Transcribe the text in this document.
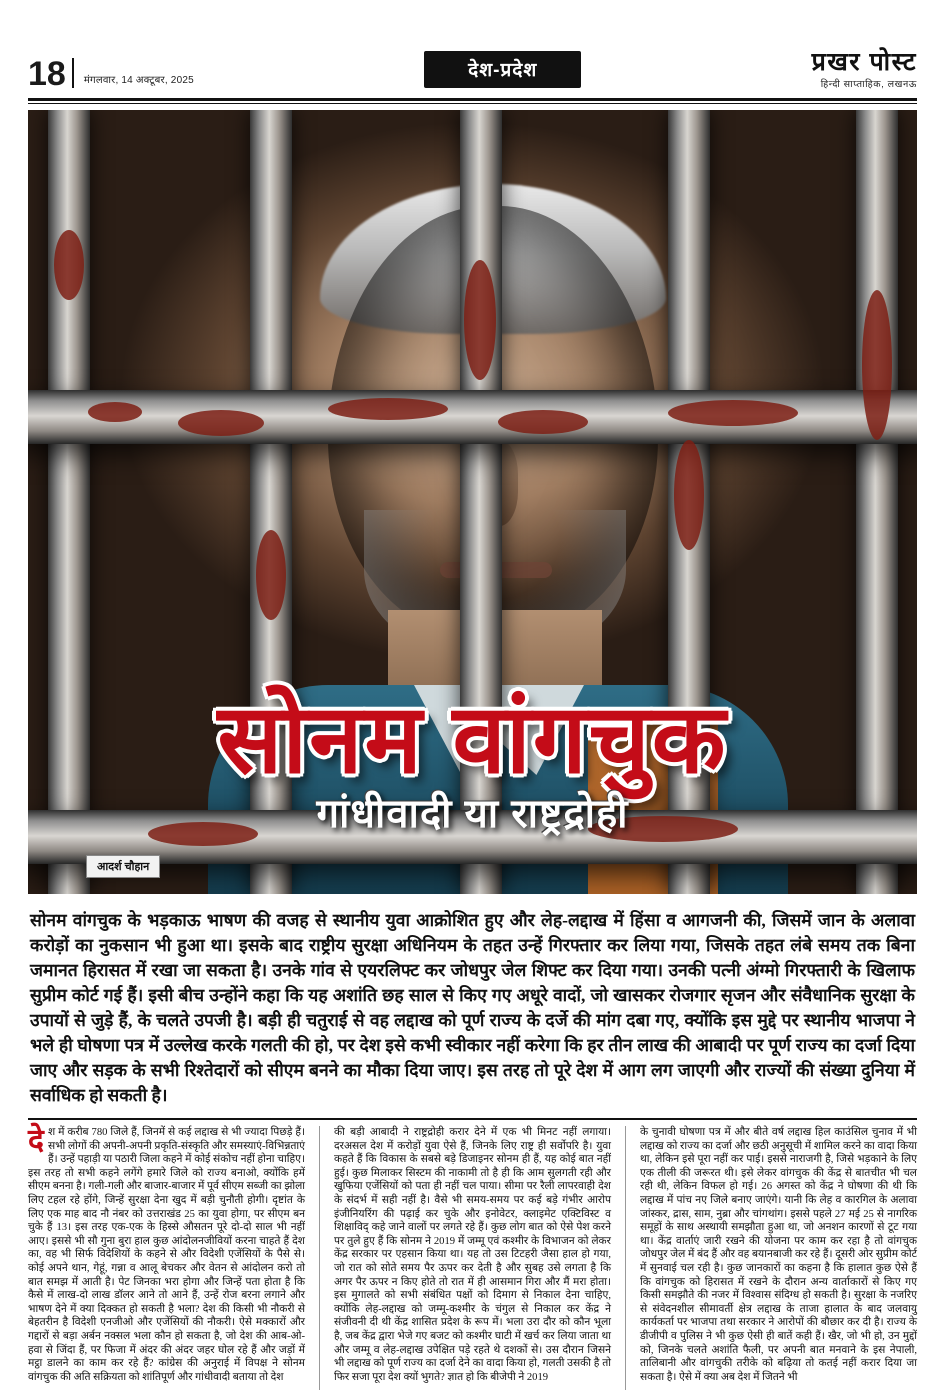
18 मंगलवार, 14 अक्टूबर, 2025	देश-प्रदेश	प्रखर पोस्ट
हिन्दी साप्ताहिक, लखनऊ
सोनम वांगचुक
गांधीवादी या राष्ट्रद्रोही
आदर्श चौहान
सोनम वांगचुक के भड़काऊ भाषण की वजह से स्थानीय युवा आक्रोशित हुए और लेह-लद्दाख में हिंसा व आगजनी की, जिसमें जान के अलावा करोड़ों का नुकसान भी हुआ था। इसके बाद राष्ट्रीय सुरक्षा अधिनियम के तहत उन्हें गिरफ्तार कर लिया गया, जिसके तहत लंबे समय तक बिना जमानत हिरासत में रखा जा सकता है। उनके गांव से एयरलिफ्ट कर जोधपुर जेल शिफ्ट कर दिया गया। उनकी पत्नी अंग्मो गिरफ्तारी के खिलाफ सुप्रीम कोर्ट गई हैं। इसी बीच उन्होंने कहा कि यह अशांति छह साल से किए गए अधूरे वादों, जो खासकर रोजगार सृजन और संवैधानिक सुरक्षा के उपायों से जुड़े हैं, के चलते उपजी है। बड़ी ही चतुराई से वह लद्दाख को पूर्ण राज्य के दर्जे की मांग दबा गए, क्योंकि इस मुद्दे पर स्थानीय भाजपा ने भले ही घोषणा पत्र में उल्लेख करके गलती की हो, पर देश इसे कभी स्वीकार नहीं करेगा कि हर तीन लाख की आबादी पर पूर्ण राज्य का दर्जा दिया जाए और सड़क के सभी रिश्तेदारों को सीएम बनने का मौका दिया जाए। इस तरह तो पूरे देश में आग लग जाएगी और राज्यों की संख्या दुनिया में सर्वाधिक हो सकती है।

देश में करीब 780 जिले हैं, जिनमें से कई लद्दाख से भी ज्यादा पिछड़े हैं। सभी लोगों की अपनी-अपनी प्रकृति-संस्कृति और समस्याएं-विभिन्नताएं हैं। उन्हें पहाड़ी या पठारी जिला कहने में कोई संकोच नहीं होना चाहिए। इस तरह तो सभी कहने लगेंगे हमारे जिले को राज्य बनाओ, क्योंकि हमें सीएम बनना है। गली-गली और बाजार-बाजार में पूर्व सीएम सब्जी का झोला लिए टहल रहे होंगे, जिन्हें सुरक्षा देना खुद में बड़ी चुनौती होगी। दृष्टांत के लिए एक माह बाद नौ नंबर को उत्तराखंड 25 का युवा होगा, पर सीएम बन चुके हैं 13। इस तरह एक-एक के हिस्से औसतन पूरे दो-दो साल भी नहीं आए। इससे भी सौ गुना बुरा हाल कुछ आंदोलनजीवियों करना चाहते हैं देश का, वह भी सिर्फ विदेशियों के कहने से और विदेशी एजेंसियों के पैसे से। कोई अपने थान, गेहूं, गन्ना व आलू बेचकर और वेतन से आंदोलन करो तो बात समझ में आती है। पेट जिनका भरा होगा और जिन्हें पता होता है कि कैसे में लाख-दो लाख डॉलर आने तो आने हैं, उन्हें रोज बरना लगाने और भाषण देने में क्या दिक्कत हो सकती है भला? देश की किसी भी नौकरी से बेहतरीन है विदेशी एनजीओ और एजेंसियों की नौकरी। ऐसे मक्कारों और गद्दारों से बड़ा अर्बन नक्सल भला कौन हो सकता है, जो देश की आब-ओ-हवा से जिंदा हैं, पर फिजा में अंदर की अंदर जहर घोल रहे हैं और जड़ों में मट्ठा डालने का काम कर रहे हैं? कांग्रेस की अनुराई में विपक्ष ने सोनम वांगचुक की अति सक्रियता को शांतिपूर्ण और गांधीवादी बताया तो देश

की बड़ी आबादी ने राष्ट्रद्रोही करार देने में एक भी मिनट नहीं लगाया। दरअसल देश में करोड़ों युवा ऐसे हैं, जिनके लिए राष्ट्र ही सर्वोपरि है। युवा कहते हैं कि विकास के सबसे बड़े डिजाइनर सोनम ही हैं, यह कोई बात नहीं हुई। कुछ मिलाकर सिस्टम की नाकामी तो है ही कि आम सुलगती रही और खुफिया एजेंसियों को पता ही नहीं चल पाया। सीमा पर रैली लापरवाही देश के संदर्भ में सही नहीं है। वैसे भी समय-समय पर कई बड़े गंभीर आरोप इंजीनियरिंग की पढ़ाई कर चुके और इनोवेटर, क्लाइमेट एक्टिविस्ट व शिक्षाविद् कहे जाने वालों पर लगते रहे हैं। कुछ लोग बात को ऐसे पेश करने पर तुले हुए हैं कि सोनम ने 2019 में जम्मू एवं कश्मीर के विभाजन को लेकर केंद्र सरकार पर एहसान किया था। यह तो उस टिटहरी जैसा हाल हो गया, जो रात को सोते समय पैर ऊपर कर देती है और सुबह उसे लगता है कि अगर पैर ऊपर न किए होते तो रात में ही आसमान गिरा और मैं मरा होता। इस मुगालते को सभी संबंधित पक्षों को दिमाग से निकाल देना चाहिए, क्योंकि लेह-लद्दाख को जम्मू-कश्मीर के चंगुल से निकाल कर केंद्र ने संजीवनी दी थी केंद्र शासित प्रदेश के रूप में। भला उरा दौर को कौन भूला है, जब केंद्र द्वारा भेजे गए बजट को कश्मीर घाटी में खर्च कर लिया जाता था और जम्मू व लेह-लद्दाख उपेक्षित पड़े रहते थे दशकों से। उस दौरान जिसने भी लद्दाख को पूर्ण राज्य का दर्जा देने का वादा किया हो, गलती उसकी है तो फिर सजा पूरा देश क्यों भुगते? ज्ञात हो कि बीजेपी ने 2019

के चुनावी घोषणा पत्र में और बीते वर्ष लद्दाख हिल काउंसिल चुनाव में भी लद्दाख को राज्य का दर्जा और छठी अनुसूची में शामिल करने का वादा किया था, लेकिन इसे पूरा नहीं कर पाई। इससे नाराजगी है, जिसे भड़काने के लिए एक तीली की जरूरत थी। इसे लेकर वांगचुक की केंद्र से बातचीत भी चल रही थी, लेकिन विफल हो गई। 26 अगस्त को केंद्र ने घोषणा की थी कि लद्दाख में पांच नए जिले बनाए जाएंगे। यानी कि लेह व कारगिल के अलावा जांस्कर, द्रास, साम, नुब्रा और चांगथांग। इससे पहले 27 मई 25 से नागरिक समूहों के साथ अस्थायी समझौता हुआ था, जो अनशन कारणों से टूट गया था। केंद्र वार्ताएं जारी रखने की योजना पर काम कर रहा है तो वांगचुक जोधपुर जेल में बंद हैं और वह बयानबाजी कर रहे हैं। दूसरी ओर सुप्रीम कोर्ट में सुनवाई चल रही है। कुछ जानकारों का कहना है कि हालात कुछ ऐसे हैं कि वांगचुक को हिरासत में रखने के दौरान अन्य वार्ताकारों से किए गए किसी समझौते की नजर में विश्वास संदिग्ध हो सकती है। सुरक्षा के नजरिए से संवेदनशील सीमावर्ती क्षेत्र लद्दाख के ताजा हालात के बाद जलवायु कार्यकर्ता पर भाजपा तथा सरकार ने आरोपों की बौछार कर दी है। राज्य के डीजीपी व पुलिस ने भी कुछ ऐसी ही बातें कही हैं। खैर, जो भी हो, उन मुद्दों को, जिनके चलते अशांति फैली, पर अपनी बात मनवाने के इस नेपाली, तालिबानी और वांगचुकी तरीके को बढ़िया तो कतई नहीं करार दिया जा सकता है। ऐसे में क्या अब देश में जितने भी
